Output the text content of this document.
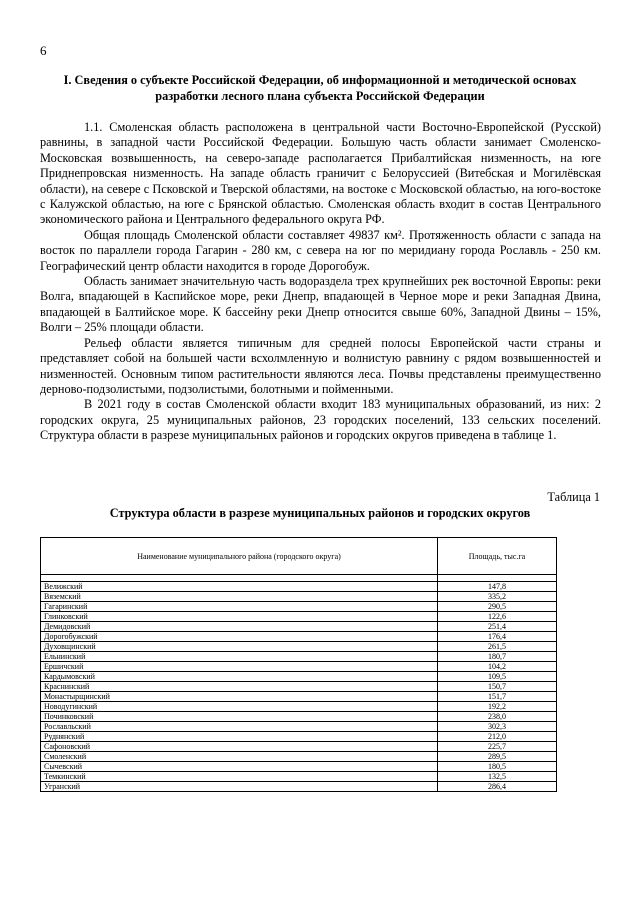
6
I. Сведения о субъекте Российской Федерации, об информационной и методической основах разработки лесного плана субъекта Российской Федерации

1.1. Смоленская область расположена в центральной части Восточно-Европейской (Русской) равнины, в западной части Российской Федерации. Большую часть области занимает Смоленско-Московская возвышенность, на северо-западе располагается Прибалтийская низменность, на юге Приднепровская низменность. На западе область граничит с Белоруссией (Витебская и Могилёвская области), на севере с Псковской и Тверской областями, на востоке с Московской областью, на юго-востоке с Калужской областью, на юге с Брянской областью. Смоленская область входит в состав Центрального экономического района и Центрального федерального округа РФ.

Общая площадь Смоленской области составляет 49837 км². Протяженность области с запада на восток по параллели города Гагарин - 280 км, с севера на юг по меридиану города Рославль - 250 км. Географический центр области находится в городе Дорогобуж.

Область занимает значительную часть водораздела трех крупнейших рек восточной Европы: реки Волга, впадающей в Каспийское море, реки Днепр, впадающей в Черное море и реки Западная Двина, впадающей в Балтийское море. К бассейну реки Днепр относится свыше 60%, Западной Двины – 15%, Волги – 25% площади области.

Рельеф области является типичным для средней полосы Европейской части страны и представляет собой на большей части всхолмленную и волнистую равнину с рядом возвышенностей и низменностей. Основным типом растительности являются леса. Почвы представлены преимущественно дерново-подзолистыми, подзолистыми, болотными и пойменными.

В 2021 году в состав Смоленской области входит 183 муниципальных образований, из них: 2 городских округа, 25 муниципальных районов, 23 городских поселений, 133 сельских поселений. Структура области в разрезе муниципальных районов и городских округов приведена в таблице 1.

Таблица 1
Структура области в разрезе муниципальных районов и городских округов
Наименование муниципального района (городского округа)	Площадь, тыс.га

Велижский	147,8
Вяземский	335,2
Гагаринский	290,5
Глинковский	122,6
Демидовский	251,4
Дорогобужский	176,4
Духовщинский	261,5
Ельнинский	180,7
Ершичский	104,2
Кардымовский	109,5
Краснинский	150,7
Монастырщинский	151,7
Новодугинский	192,2
Починковский	238,0
Рославльский	302,3
Руднянский	212,0
Сафоновский	225,7
Смоленский	289,5
Сычевский	180,5
Темкинский	132,5
Угранский	286,4
